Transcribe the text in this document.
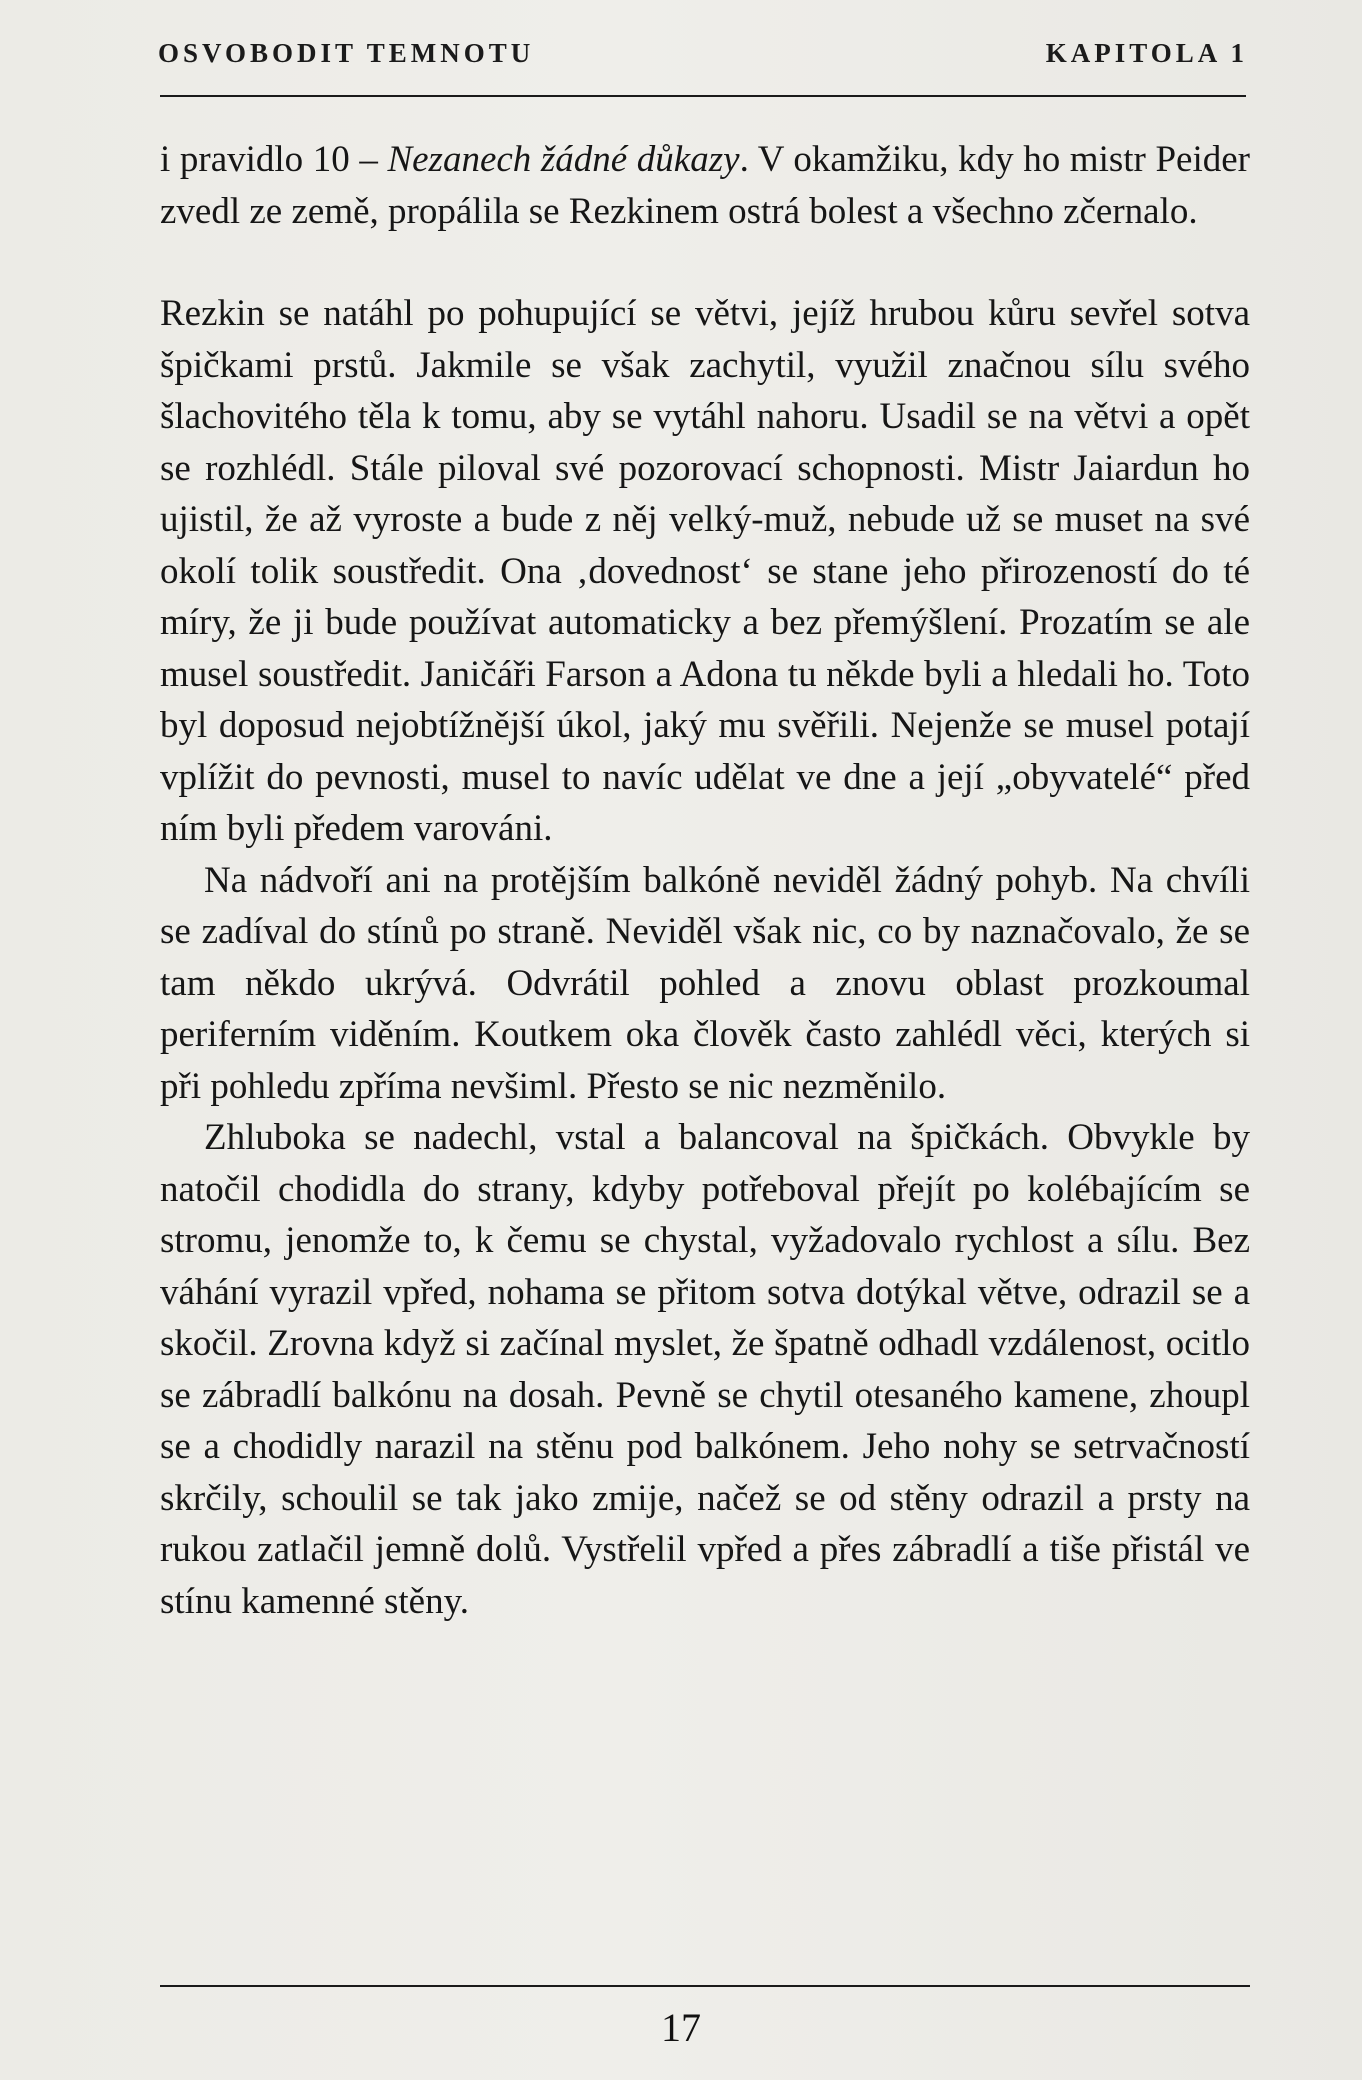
OSVOBODIT TEMNOTU	KAPITOLA 1

i pravidlo 10 – Nezanech žádné důkazy. V okamžiku, kdy ho mistr Peider zvedl ze země, propálila se Rezkinem ostrá bolest a všechno zčernalo.

Rezkin se natáhl po pohupující se větvi, jejíž hrubou kůru sevřel sotva špičkami prstů. Jakmile se však zachytil, využil značnou sílu svého šlachovitého těla k tomu, aby se vytáhl nahoru. Usadil se na větvi a opět se rozhlédl. Stále piloval své pozorovací schopnosti. Mistr Jaiardun ho ujistil, že až vyroste a bude z něj velký-muž, nebude už se muset na své okolí tolik soustředit. Ona ‚dovednost‘ se stane jeho přirozeností do té míry, že ji bude používat automaticky a bez přemýšlení. Prozatím se ale musel soustředit. Janičáři Farson a Adona tu někde byli a hledali ho. Toto byl doposud nejobtížnější úkol, jaký mu svěřili. Nejenže se musel potají vplížit do pevnosti, musel to navíc udělat ve dne a její „obyvatelé“ před ním byli předem varováni.

Na nádvoří ani na protějším balkóně neviděl žádný pohyb. Na chvíli se zadíval do stínů po straně. Neviděl však nic, co by naznačovalo, že se tam někdo ukrývá. Odvrátil pohled a znovu oblast prozkoumal periferním viděním. Koutkem oka člověk často zahlédl věci, kterých si při pohledu zpříma nevšiml. Přesto se nic nezměnilo.

Zhluboka se nadechl, vstal a balancoval na špičkách. Obvykle by natočil chodidla do strany, kdyby potřeboval přejít po kolébajícím se stromu, jenomže to, k čemu se chystal, vyžadovalo rychlost a sílu. Bez váhání vyrazil vpřed, nohama se přitom sotva dotýkal větve, odrazil se a skočil. Zrovna když si začínal myslet, že špatně odhadl vzdálenost, ocitlo se zábradlí balkónu na dosah. Pevně se chytil otesaného kamene, zhoupl se a chodidly narazil na stěnu pod balkónem. Jeho nohy se setrvačností skrčily, schoulil se tak jako zmije, načež se od stěny odrazil a prsty na rukou zatlačil jemně dolů. Vystřelil vpřed a přes zábradlí a tiše přistál ve stínu kamenné stěny.

17
